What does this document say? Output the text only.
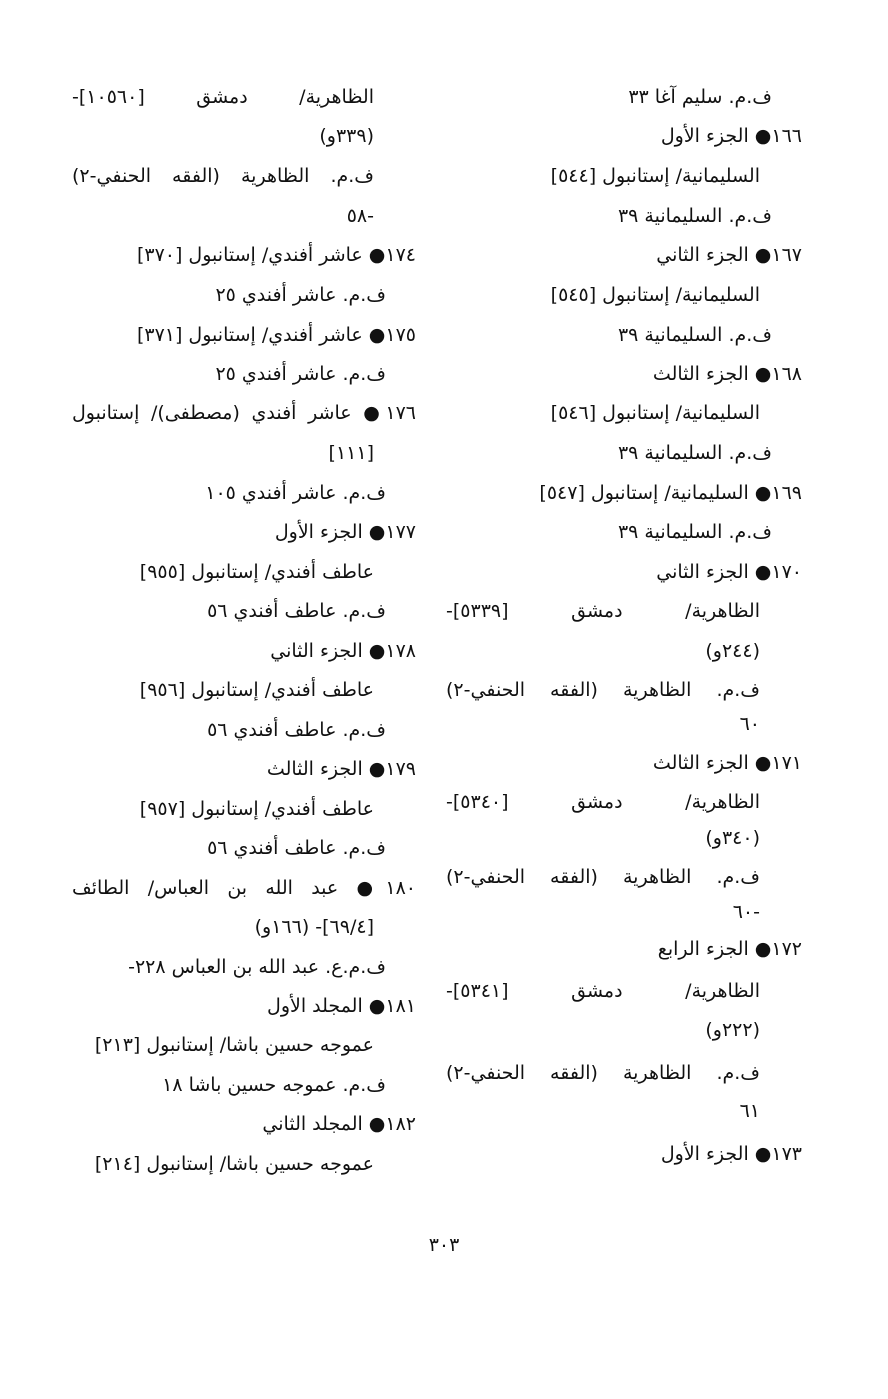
ف.م. سليم آغا ٣٣
١٦٦● الجزء الأول
السليمانية/ إستانبول [٥٤٤]
ف.م. السليمانية ٣٩
١٦٧● الجزء الثاني
السليمانية/ إستانبول [٥٤٥]
ف.م. السليمانية ٣٩
١٦٨● الجزء الثالث
السليمانية/ إستانبول [٥٤٦]
ف.م. السليمانية ٣٩
١٦٩● السليمانية/ إستانبول [٥٤٧]
ف.م. السليمانية ٣٩
١٧٠● الجزء الثاني
الظاهرية/ دمشق [٥٣٣٩]-
(٢٤٤و)
ف.م. الظاهرية (الفقه الحنفي-٢)
٦٠
١٧١● الجزء الثالث
الظاهرية/ دمشق [٥٣٤٠]-
(٣٤٠و)
ف.م. الظاهرية (الفقه الحنفي-٢)
-٦٠
١٧٢● الجزء الرابع
الظاهرية/ دمشق [٥٣٤١]-
(٢٢٢و)
ف.م. الظاهرية (الفقه الحنفي-٢)
٦١
١٧٣● الجزء الأول
الظاهرية/ دمشق [١٠٥٦٠]-
(٣٣٩و)
ف.م. الظاهرية (الفقه الحنفي-٢)
-٥٨
١٧٤● عاشر أفندي/ إستانبول [٣٧٠]
ف.م. عاشر أفندي ٢٥
١٧٥● عاشر أفندي/ إستانبول [٣٧١]
ف.م. عاشر أفندي ٢٥
١٧٦● عاشر أفندي (مصطفى)/ إستانبول
[١١١]
ف.م. عاشر أفندي ١٠٥
١٧٧● الجزء الأول
عاطف أفندي/ إستانبول [٩٥٥]
ف.م. عاطف أفندي ٥٦
١٧٨● الجزء الثاني
عاطف أفندي/ إستانبول [٩٥٦]
ف.م. عاطف أفندي ٥٦
١٧٩● الجزء الثالث
عاطف أفندي/ إستانبول [٩٥٧]
ف.م. عاطف أفندي ٥٦
١٨٠● عبد الله بن العباس/ الطائف
[٦٩/٤]- (١٦٦و)
ف.م.ع. عبد الله بن العباس ٢٢٨-
١٨١● المجلد الأول
عموجه حسين باشا/ إستانبول [٢١٣]
ف.م. عموجه حسين باشا ١٨
١٨٢● المجلد الثاني
عموجه حسين باشا/ إستانبول [٢١٤]
٣٠٣
